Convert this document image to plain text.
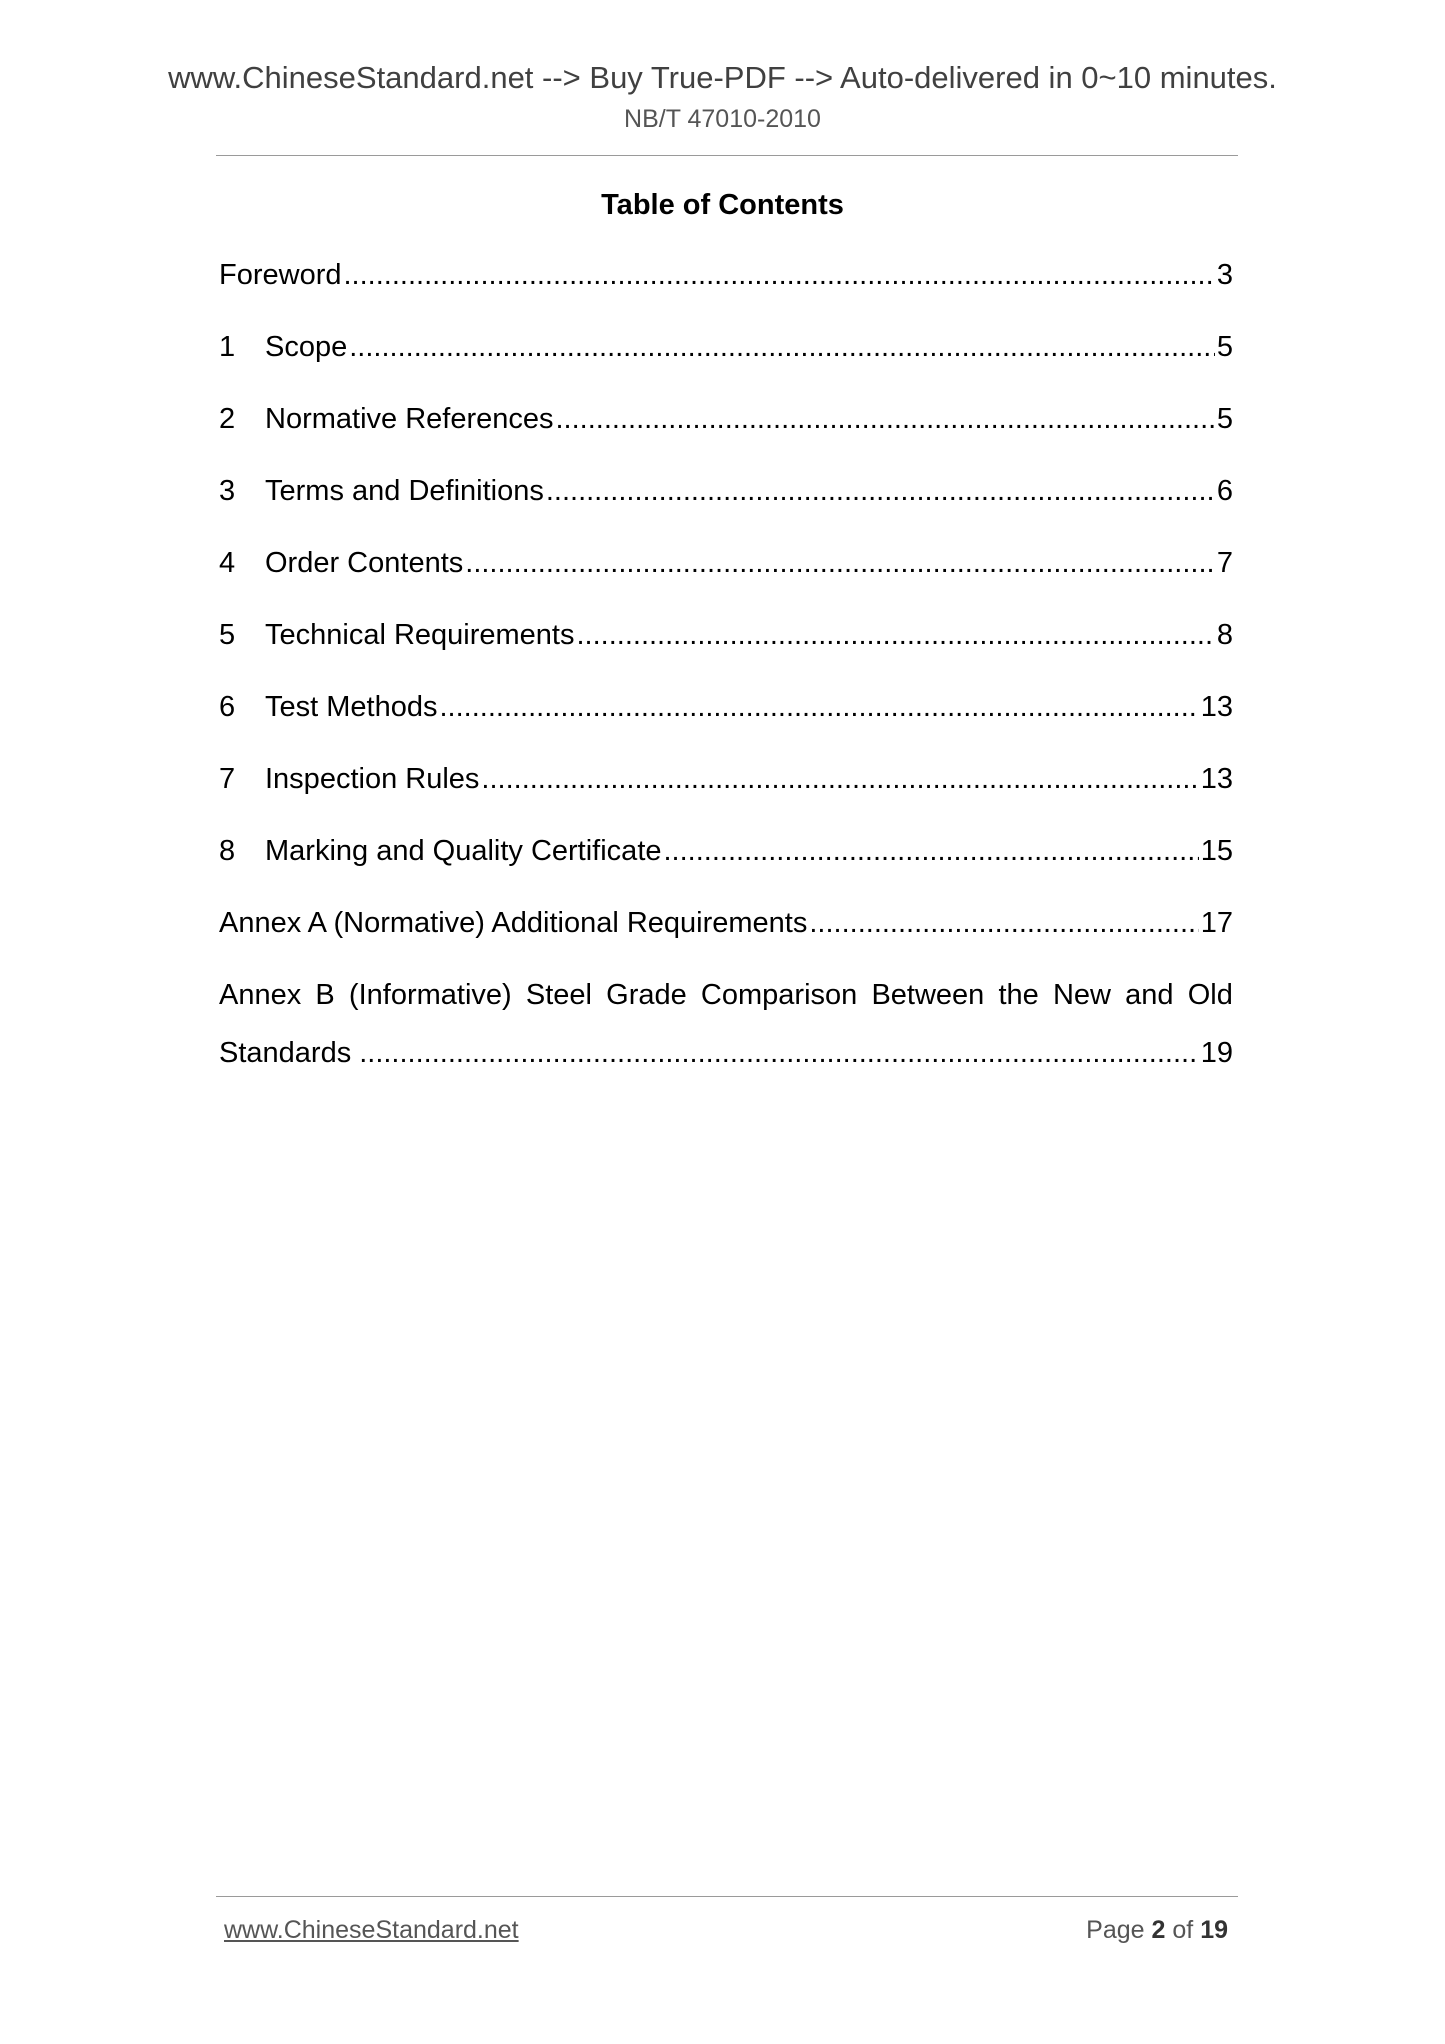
www.ChineseStandard.net --> Buy True-PDF --> Auto-delivered in 0~10 minutes.
NB/T 47010-2010
Table of Contents
Foreword .....	3
1	Scope .....	5
2	Normative References .....	5
3	Terms and Definitions .....	6
4	Order Contents .....	7
5	Technical Requirements .....	8
6	Test Methods .....	13
7	Inspection Rules .....	13
8	Marking and Quality Certificate .....	15
Annex A (Normative) Additional Requirements .....	17
Annex B (Informative) Steel Grade Comparison Between the New and Old
Standards .....	19
www.ChineseStandard.net	Page 2 of 19
